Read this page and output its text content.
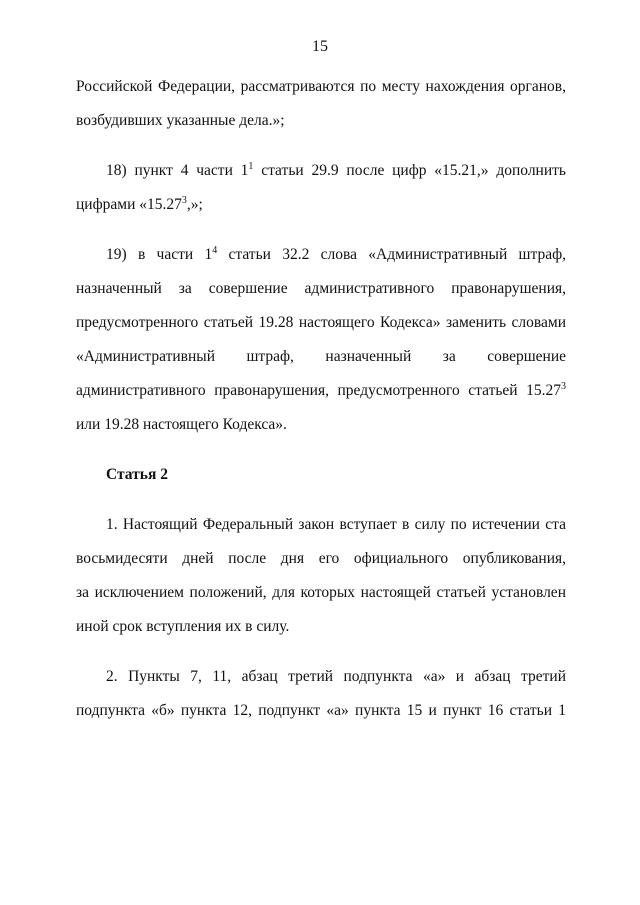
15
Российской Федерации, рассматриваются по месту нахождения органов,
возбудивших указанные дела.»;
18) пункт 4 части $1^1$ статьи 29.9 после цифр «15.21,» дополнить
цифрами «15.27$^3$,»;
19) в части $1^4$ статьи 32.2 слова «Административный штраф,
назначенный за совершение административного правонарушения,
предусмотренного статьей 19.28 настоящего Кодекса» заменить словами
«Административный штраф, назначенный за совершение
административного правонарушения, предусмотренного статьей 15.27$^3$
или 19.28 настоящего Кодекса».
Статья 2
1. Настоящий Федеральный закон вступает в силу по истечении ста
восьмидесяти дней после дня его официального опубликования,
за исключением положений, для которых настоящей статьей установлен
иной срок вступления их в силу.
2. Пункты 7, 11, абзац третий подпункта «а» и абзац третий
подпункта «б» пункта 12, подпункт «а» пункта 15 и пункт 16 статьи 1
